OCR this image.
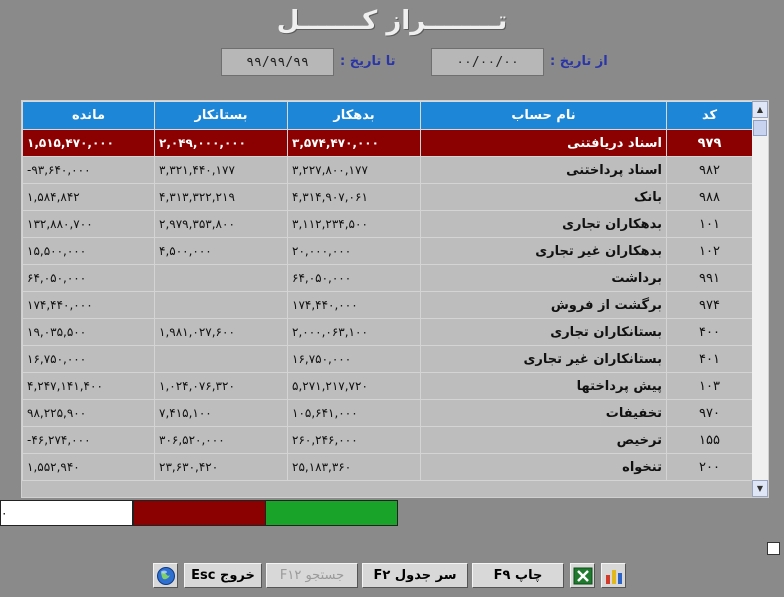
تــــــــراز کـــــــل
از تاریخ :
۰۰/۰۰/۰۰
تا تاریخ :
۹۹/۹۹/۹۹
مانده	بستانکار	بدهکار	نام حساب	کد
۱,۵۱۵,۴۷۰,۰۰۰	۲,۰۴۹,۰۰۰,۰۰۰	۳,۵۷۴,۴۷۰,۰۰۰	اسناد دریافتنی	۹۷۹
-۹۳,۶۴۰,۰۰۰	۳,۳۲۱,۴۴۰,۱۷۷	۳,۲۲۷,۸۰۰,۱۷۷	اسناد پرداختنی	۹۸۲
۱,۵۸۴,۸۴۲	۴,۳۱۳,۳۲۲,۲۱۹	۴,۳۱۴,۹۰۷,۰۶۱	بانک	۹۸۸
۱۳۲,۸۸۰,۷۰۰	۲,۹۷۹,۳۵۳,۸۰۰	۳,۱۱۲,۲۳۴,۵۰۰	بدهکاران تجاری	۱۰۱
۱۵,۵۰۰,۰۰۰	۴,۵۰۰,۰۰۰	۲۰,۰۰۰,۰۰۰	بدهکاران غیر تجاری	۱۰۲
۶۴,۰۵۰,۰۰۰		۶۴,۰۵۰,۰۰۰	برداشت	۹۹۱
۱۷۴,۴۴۰,۰۰۰		۱۷۴,۴۴۰,۰۰۰	برگشت از فروش	۹۷۴
۱۹,۰۳۵,۵۰۰	۱,۹۸۱,۰۲۷,۶۰۰	۲,۰۰۰,۰۶۳,۱۰۰	بستانکاران تجاری	۴۰۰
۱۶,۷۵۰,۰۰۰		۱۶,۷۵۰,۰۰۰	بستانکاران غیر تجاری	۴۰۱
۴,۲۴۷,۱۴۱,۴۰۰	۱,۰۲۴,۰۷۶,۳۲۰	۵,۲۷۱,۲۱۷,۷۲۰	پیش پرداختها	۱۰۳
۹۸,۲۲۵,۹۰۰	۷,۴۱۵,۱۰۰	۱۰۵,۶۴۱,۰۰۰	تخفیفات	۹۷۰
-۴۶,۲۷۴,۰۰۰	۳۰۶,۵۲۰,۰۰۰	۲۶۰,۲۴۶,۰۰۰	ترخیص	۱۵۵
۱,۵۵۲,۹۴۰	۲۳,۶۳۰,۴۲۰	۲۵,۱۸۳,۳۶۰	تنخواه	۲۰۰
▲
▼
۰
خروج Esc	جستجو F۱۲	سر جدول F۲	چاپ F۹
